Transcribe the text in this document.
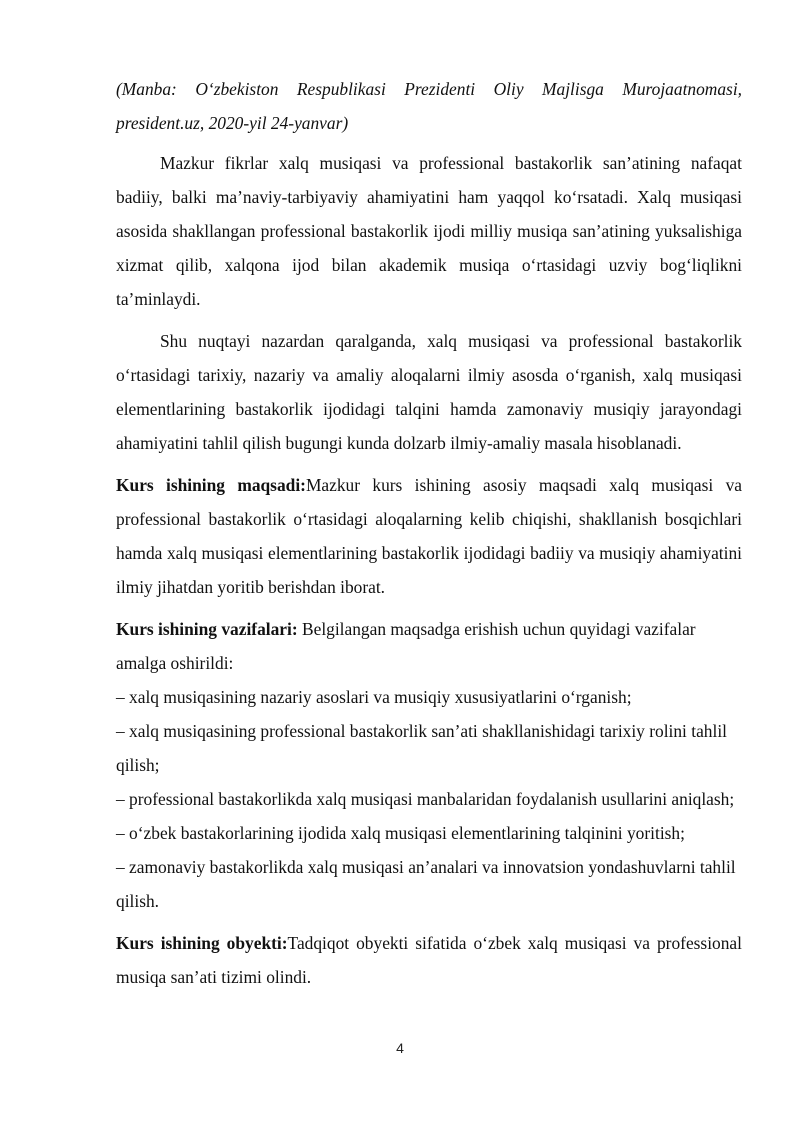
(Manba: O‘zbekiston Respublikasi Prezidenti Oliy Majlisga Murojaatnomasi, president.uz, 2020-yil 24-yanvar)

Mazkur fikrlar xalq musiqasi va professional bastakorlik san’atining nafaqat badiiy, balki ma’naviy-tarbiyaviy ahamiyatini ham yaqqol ko‘rsatadi. Xalq musiqasi asosida shakllangan professional bastakorlik ijodi milliy musiqa san’atining yuksalishiga xizmat qilib, xalqona ijod bilan akademik musiqa o‘rtasidagi uzviy bog‘liqlikni ta’minlaydi.

Shu nuqtayi nazardan qaralganda, xalq musiqasi va professional bastakorlik o‘rtasidagi tarixiy, nazariy va amaliy aloqalarni ilmiy asosda o‘rganish, xalq musiqasi elementlarining bastakorlik ijodidagi talqini hamda zamonaviy musiqiy jarayondagi ahamiyatini tahlil qilish bugungi kunda dolzarb ilmiy-amaliy masala hisoblanadi.

Kurs ishining maqsadi:Mazkur kurs ishining asosiy maqsadi xalq musiqasi va professional bastakorlik o‘rtasidagi aloqalarning kelib chiqishi, shakllanish bosqichlari hamda xalq musiqasi elementlarining bastakorlik ijodidagi badiiy va musiqiy ahamiyatini ilmiy jihatdan yoritib berishdan iborat.

Kurs ishining vazifalari: Belgilangan maqsadga erishish uchun quyidagi vazifalar amalga oshirildi:

– xalq musiqasining nazariy asoslari va musiqiy xususiyatlarini o‘rganish;

– xalq musiqasining professional bastakorlik san’ati shakllanishidagi tarixiy rolini tahlil qilish;

– professional bastakorlikda xalq musiqasi manbalaridan foydalanish usullarini aniqlash;

– o‘zbek bastakorlarining ijodida xalq musiqasi elementlarining talqinini yoritish;

– zamonaviy bastakorlikda xalq musiqasi an’analari va innovatsion yondashuvlarni tahlil qilish.

Kurs ishining obyekti:Tadqiqot obyekti sifatida o‘zbek xalq musiqasi va professional musiqa san’ati tizimi olindi.

4
